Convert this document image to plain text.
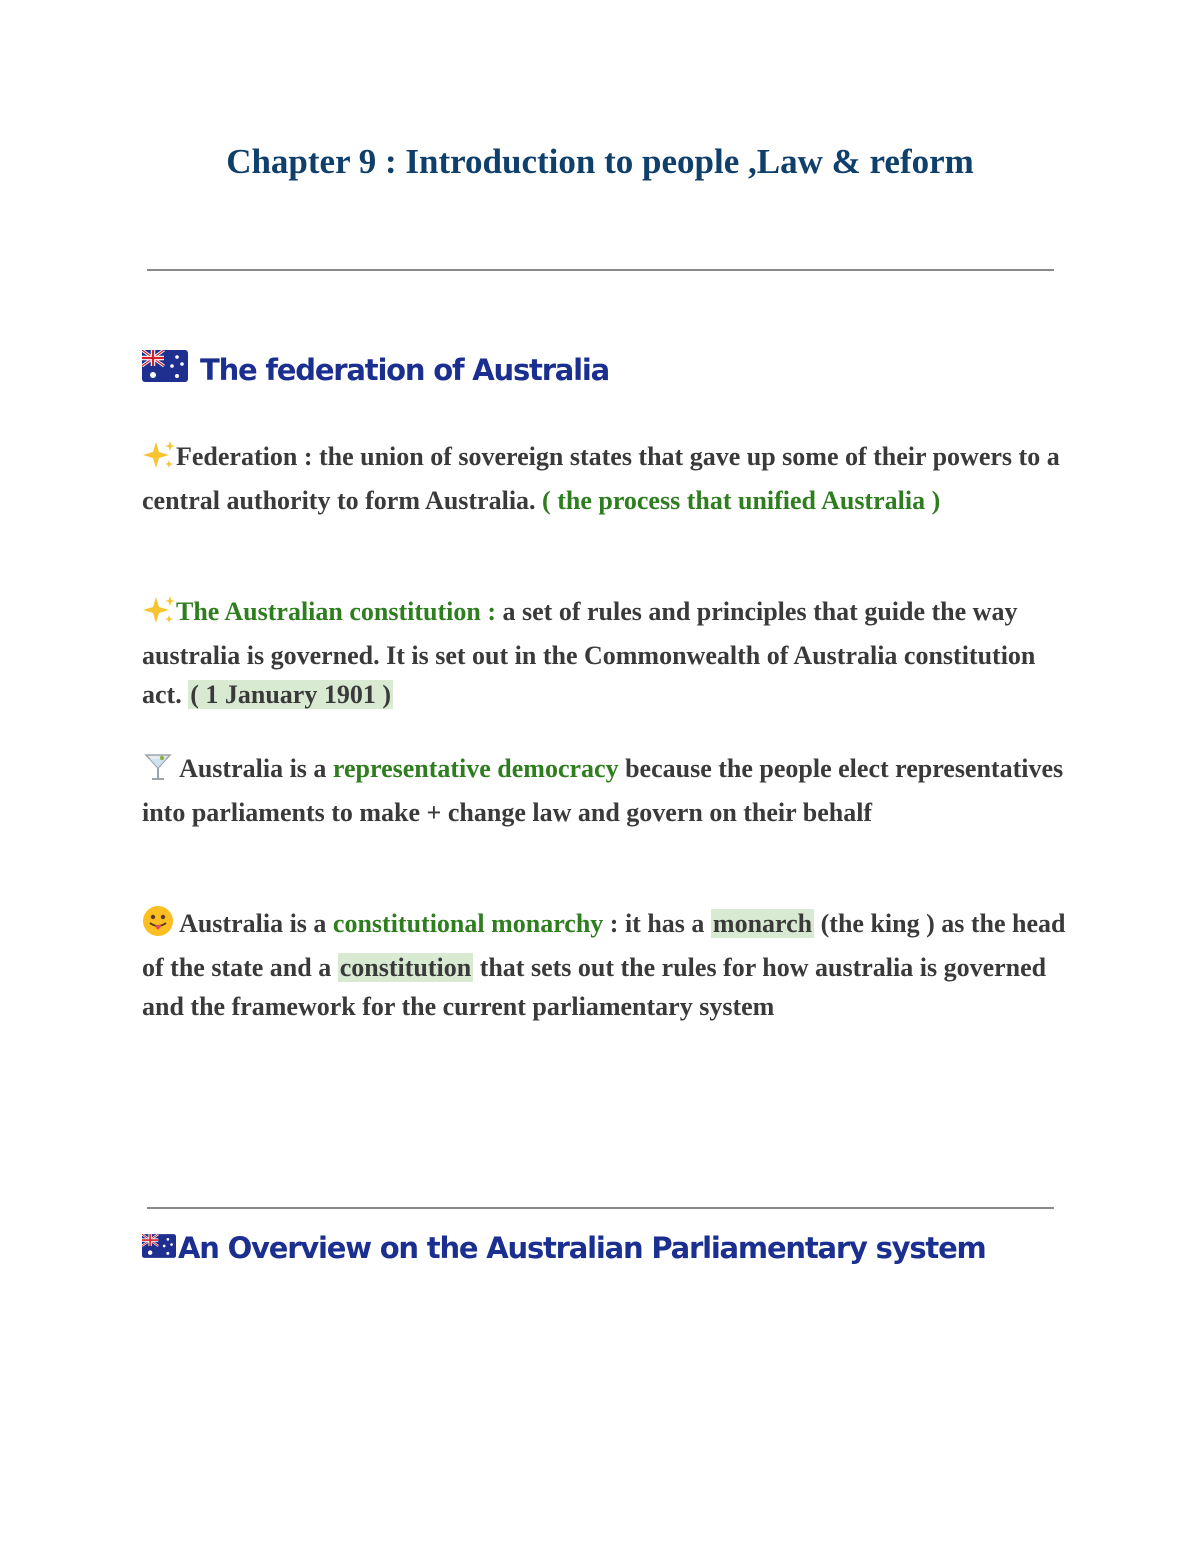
Chapter 9 : Introduction to people ,Law & reform
The federation of Australia

Federation : the union of sovereign states that gave up some of their powers to a central authority to form Australia. ( the process that unified Australia )

The Australian constitution : a set of rules and principles that guide the way australia is governed. It is set out in the Commonwealth of Australia constitution act. ( 1 January 1901 )

Australia is a representative democracy because the people elect representatives into parliaments to make + change law and govern on their behalf

Australia is a constitutional monarchy : it has a monarch (the king ) as the head of the state and a constitution that sets out the rules for how australia is governed and the framework for the current parliamentary system

An Overview on the Australian Parliamentary system
